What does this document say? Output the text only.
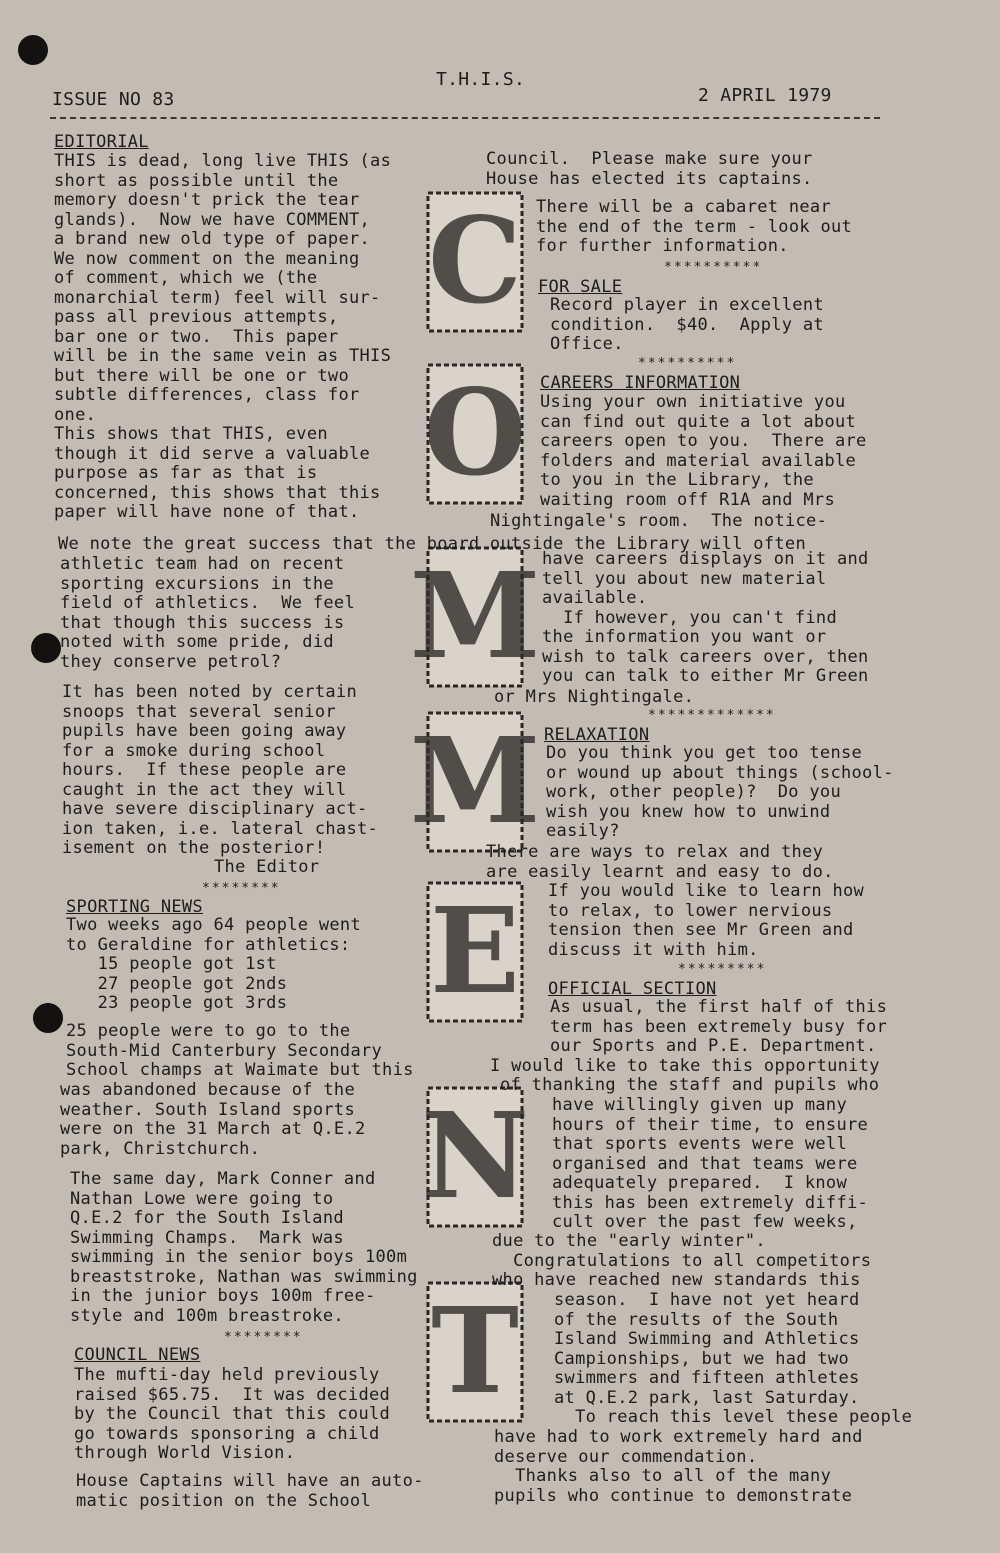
T.H.I.S.

ISSUE NO 83	2 APRIL 1979

C
O
M
M
E
N
T

EDITORIAL

THIS is dead, long live THIS (as
short as possible until the
memory doesn't prick the tear
glands).  Now we have COMMENT,
a brand new old type of paper.
We now comment on the meaning
of comment, which we (the
monarchial term) feel will sur-
pass all previous attempts,
bar one or two.  This paper
will be in the same vein as THIS
but there will be one or two
subtle differences, class for
one.
This shows that THIS, even
though it did serve a valuable
purpose as far as that is
concerned, this shows that this
paper will have none of that.

We note the great success that the board outside the Library will often

athletic team had on recent
sporting excursions in the
field of athletics.  We feel
that though this success is
noted with some pride, did
they conserve petrol?
It has been noted by certain
snoops that several senior
pupils have been going away
for a smoke during school
hours.  If these people are
caught in the act they will
have severe disciplinary act-
ion taken, i.e. lateral chast-
isement on the posterior!

The Editor

********

SPORTING NEWS

Two weeks ago 64 people went
to Geraldine for athletics:
15 people got 1st
27 people got 2nds
23 people got 3rds
25 people were to go to the
South-Mid Canterbury Secondary
School champs at Waimate but this
was abandoned because of the
weather. South Island sports
were on the 31 March at Q.E.2
park, Christchurch.
The same day, Mark Conner and
Nathan Lowe were going to
Q.E.2 for the South Island
Swimming Champs.  Mark was
swimming in the senior boys 100m
breaststroke, Nathan was swimming
in the junior boys 100m free-
style and 100m breastroke.

********

COUNCIL NEWS

The mufti-day held previously
raised $65.75.  It was decided
by the Council that this could
go towards sponsoring a child
through World Vision.
House Captains will have an auto-
matic position on the School
Council.  Please make sure your
House has elected its captains.
There will be a cabaret near
the end of the term - look out
for further information.

**********

FOR SALE

Record player in excellent
condition.  $40.  Apply at
Office.

**********

CAREERS INFORMATION

Using your own initiative you
can find out quite a lot about
careers open to you.  There are
folders and material available
to you in the Library, the
waiting room off R1A and Mrs

Nightingale's room.  The notice-

have careers displays on it and
tell you about new material
available.
If however, you can't find
the information you want or
wish to talk careers over, then
you can talk to either Mr Green

or Mrs Nightingale.

*************

RELAXATION

Do you think you get too tense
or wound up about things (school-
work, other people)?  Do you
wish you knew how to unwind
easily?
There are ways to relax and they
are easily learnt and easy to do.
If you would like to learn how
to relax, to lower nervious
tension then see Mr Green and
discuss it with him.

*********

OFFICIAL SECTION

As usual, the first half of this
term has been extremely busy for
our Sports and P.E. Department.

I would like to take this opportunity

of thanking the staff and pupils who
have willingly given up many
hours of their time, to ensure
that sports events were well
organised and that teams were
adequately prepared.  I know
this has been extremely diffi-
cult over the past few weeks,
due to the "early winter".
Congratulations to all competitors
who have reached new standards this
season.  I have not yet heard
of the results of the South
Island Swimming and Athletics
Campionships, but we had two
swimmers and fifteen athletes
at Q.E.2 park, last Saturday.
To reach this level these people
have had to work extremely hard and
deserve our commendation.
Thanks also to all of the many
pupils who continue to demonstrate
